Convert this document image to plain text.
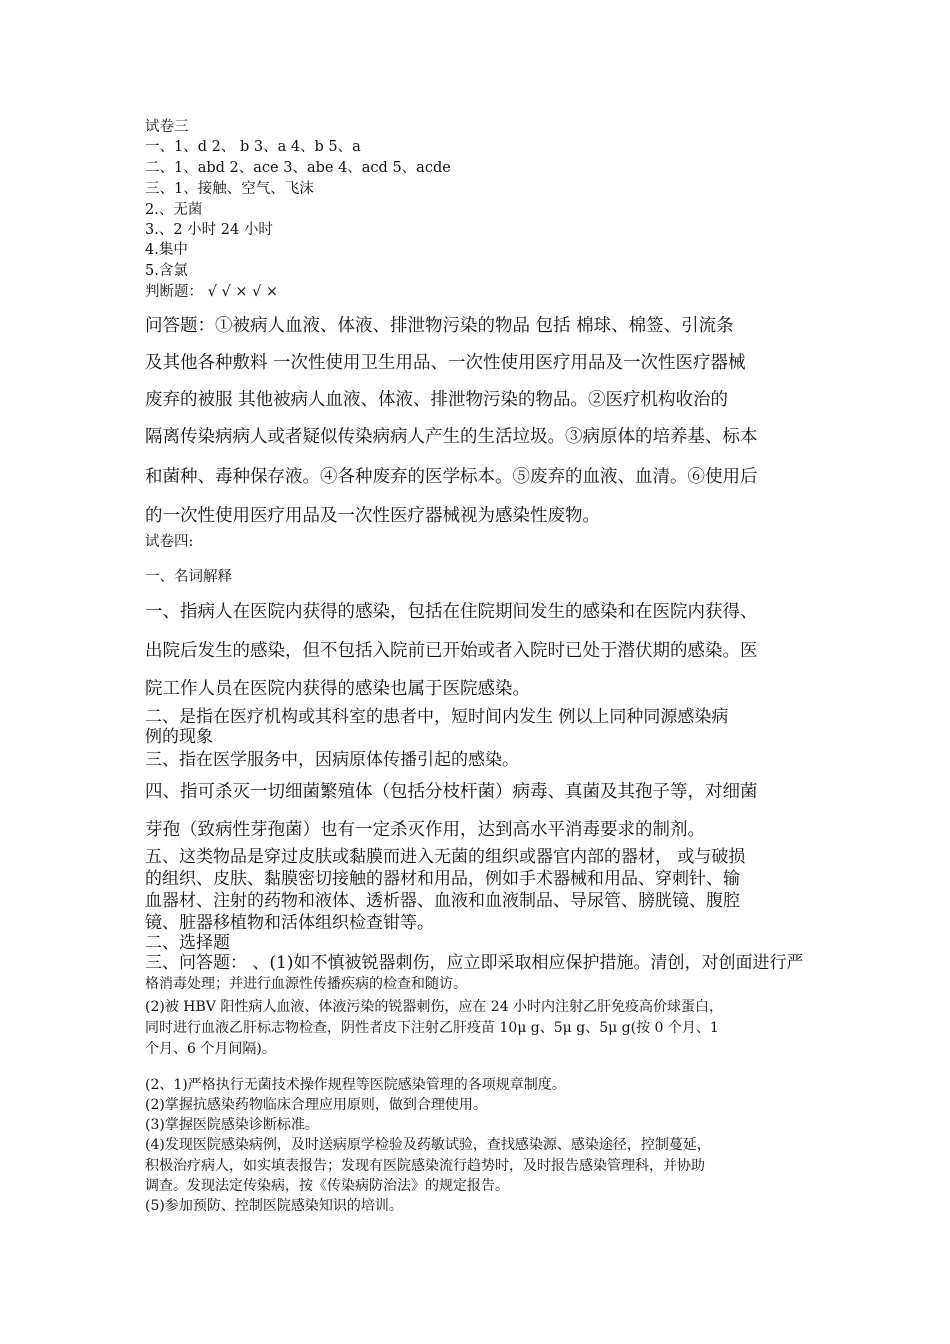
试卷三
一、1、d 2、 b 3、a 4、b 5、a
二、1、abd 2、ace 3、abe 4、acd 5、acde
三、1、接触、空气、飞沫
2.、无菌
3.、2 小时 24 小时
4.集中
5.含氯
判断题： √ √ × √ ×
问答题：①被病人血液、体液、排泄物污染的物品 包括 棉球、棉签、引流条
及其他各种敷料 一次性使用卫生用品、一次性使用医疗用品及一次性医疗器械
废弃的被服 其他被病人血液、体液、排泄物污染的物品。②医疗机构收治的
隔离传染病病人或者疑似传染病病人产生的生活垃圾。③病原体的培养基、标本
和菌种、毒种保存液。④各种废弃的医学标本。⑤废弃的血液、血清。⑥使用后
的一次性使用医疗用品及一次性医疗器械视为感染性废物。
试卷四:
一、名词解释
一、指病人在医院内获得的感染，包括在住院期间发生的感染和在医院内获得、
出院后发生的感染，但不包括入院前已开始或者入院时已处于潜伏期的感染。医
院工作人员在医院内获得的感染也属于医院感染。
二、是指在医疗机构或其科室的患者中，短时间内发生 例以上同种同源感染病
例的现象
三、指在医学服务中，因病原体传播引起的感染。
四、指可杀灭一切细菌繁殖体（包括分枝杆菌）病毒、真菌及其孢子等，对细菌
芽孢（致病性芽孢菌）也有一定杀灭作用，达到高水平消毒要求的制剂。
五、这类物品是穿过皮肤或黏膜而进入无菌的组织或器官内部的器材， 或与破损
的组织、皮肤、黏膜密切接触的器材和用品，例如手术器械和用品、穿刺针、输
血器材、注射的药物和液体、透析器、血液和血液制品、导尿管、膀胱镜、腹腔
镜、脏器移植物和活体组织检查钳等。
二、选择题
三、问答题： 、(1)如不慎被锐器刺伤，应立即采取相应保护措施。清创，对创面进行严
格消毒处理；并进行血源性传播疾病的检查和随访。
(2)被 HBV 阳性病人血液、体液污染的锐器刺伤，应在 24 小时内注射乙肝免疫高价球蛋白，
同时进行血液乙肝标志物检查，阴性者皮下注射乙肝疫苗 10μ g、5μ g、5μ g(按 0 个月、1
个月、6 个月间隔)。
(2、1)严格执行无菌技术操作规程等医院感染管理的各项规章制度。
(2)掌握抗感染药物临床合理应用原则，做到合理使用。
(3)掌握医院感染诊断标准。
(4)发现医院感染病例，及时送病原学检验及药敏试验，查找感染源、感染途径，控制蔓延，
积极治疗病人，如实填表报告；发现有医院感染流行趋势时，及时报告感染管理科，并协助
调查。发现法定传染病，按《传染病防治法》的规定报告。
(5)参加预防、控制医院感染知识的培训。
